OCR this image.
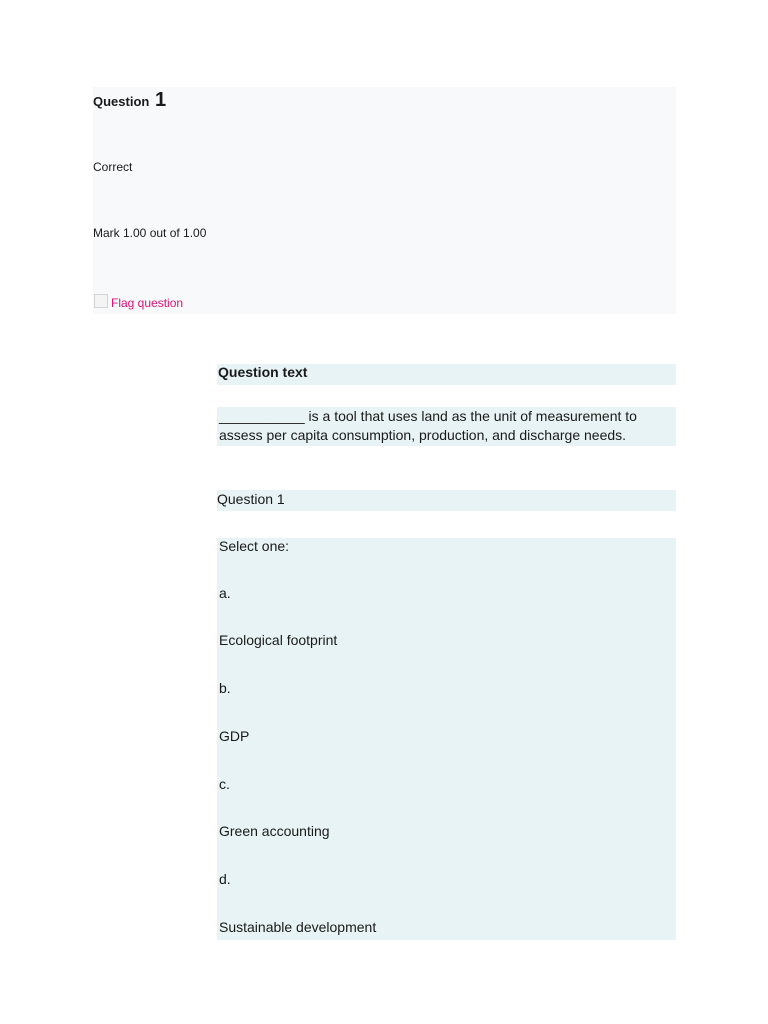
Question 1
Correct
Mark 1.00 out of 1.00
Flag question
Question text
___________ is a tool that uses land as the unit of measurement to assess per capita consumption, production, and discharge needs.
Question 1
Select one:
a.
Ecological footprint
b.
GDP
c.
Green accounting
d.
Sustainable development
